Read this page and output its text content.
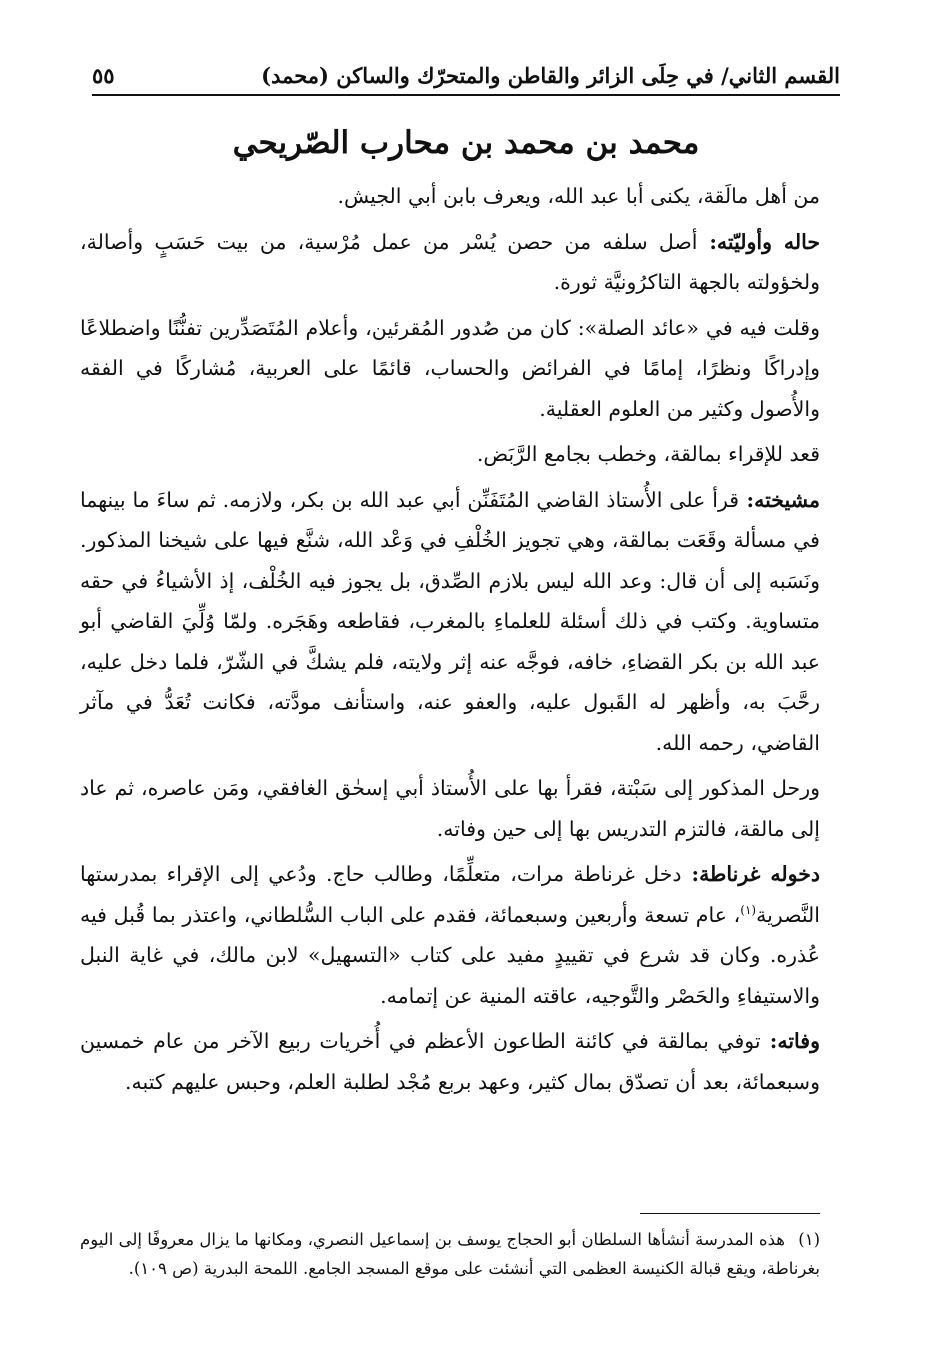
٥٥	القسم الثاني/ في حِلَى الزائر والقاطن والمتحرّك والساكن (محمد)
محمد بن محمد بن محارب الصّريحي

من أهل مالَقة، يكنى أبا عبد الله، ويعرف بابن أبي الجيش.

حاله وأوليّته: أصل سلفه من حصن يُسْر من عمل مُرْسية، من بيت حَسَبٍ وأصالة، ولخؤولته بالجهة التاكرُونيَّة ثورة.

وقلت فيه في «عائد الصلة»: كان من صُدور المُقرئين، وأعلام المُتَصَدِّرين تفنُّنًا واضطلاعًا وإدراكًا ونظرًا، إمامًا في الفرائض والحساب، قائمًا على العربية، مُشاركًا في الفقه والأُصول وكثير من العلوم العقلية.

قعد للإقراء بمالقة، وخطب بجامع الرَّبَض.

مشيخته: قرأ على الأُستاذ القاضي المُتَفَنِّن أبي عبد الله بن بكر، ولازمه. ثم ساءَ ما بينهما في مسألة وقَعَت بمالقة، وهي تجويز الخُلْفِ في وَعْد الله، شنَّع فيها على شيخنا المذكور. ونَسَبه إلى أن قال: وعد الله ليس بلازم الصِّدق، بل يجوز فيه الخُلْف، إذ الأشياءُ في حقه متساوية. وكتب في ذلك أسئلة للعلماءِ بالمغرب، فقاطعه وهَجَره. ولمّا وُلِّيَ القاضي أبو عبد الله بن بكر القضاءِ، خافه، فوجَّه عنه إثر ولايته، فلم يشكَّ في الشّرّ، فلما دخل عليه، رحَّبَ به، وأظهر له القَبول عليه، والعفو عنه، واستأنف مودَّته، فكانت تُعَدُّ في مآثر القاضي، رحمه الله.

ورحل المذكور إلى سَبْتة، فقرأ بها على الأُستاذ أبي إسحٰق الغافقي، ومَن عاصره، ثم عاد إلى مالقة، فالتزم التدريس بها إلى حين وفاته.

دخوله غرناطة: دخل غرناطة مرات، متعلِّمًا، وطالب حاج. ودُعي إلى الإقراء بمدرستها النَّصرية$^{(١)}$، عام تسعة وأربعين وسبعمائة، فقدم على الباب السُّلطاني، واعتذر بما قُبل فيه عُذره. وكان قد شرع في تقييدٍ مفيد على كتاب «التسهيل» لابن مالك، في غاية النبل والاستيفاءِ والحَصْر والتَّوجيه، عاقته المنية عن إتمامه.

وفاته: توفي بمالقة في كائنة الطاعون الأعظم في أُخريات ربيع الآخر من عام خمسين وسبعمائة، بعد أن تصدّق بمال كثير، وعهد بربع مُجْد لطلبة العلم، وحبس عليهم كتبه.

(١) هذه المدرسة أنشأها السلطان أبو الحجاج يوسف بن إسماعيل النصري، ومكانها ما يزال معروفًا إلى اليوم بغرناطة، ويقع قبالة الكنيسة العظمى التي أنشئت على موقع المسجد الجامع. اللمحة البدرية (ص ١٠٩).
